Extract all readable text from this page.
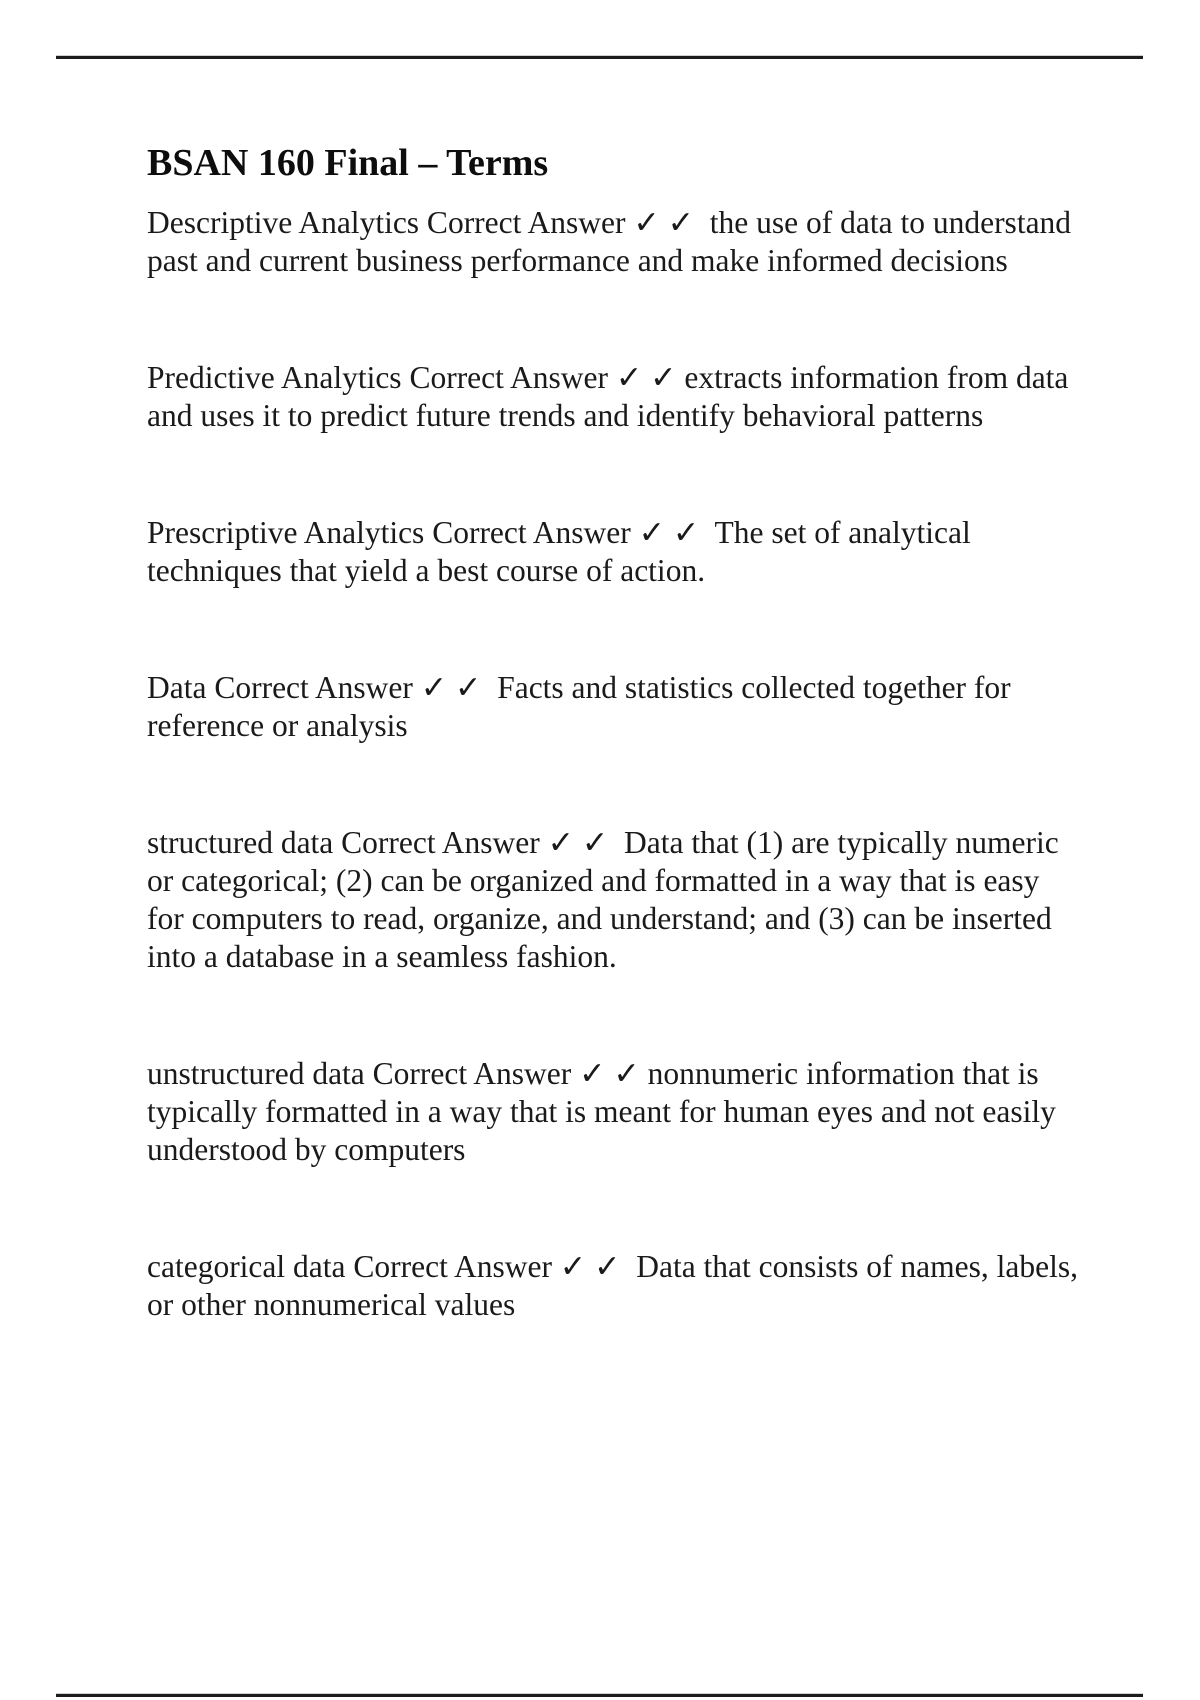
BSAN 160 Final – Terms

Descriptive Analytics Correct Answer ✓ ✓  the use of data to understand
past and current business performance and make informed decisions

Predictive Analytics Correct Answer ✓ ✓ extracts information from data
and uses it to predict future trends and identify behavioral patterns

Prescriptive Analytics Correct Answer ✓ ✓  The set of analytical
techniques that yield a best course of action.

Data Correct Answer ✓ ✓  Facts and statistics collected together for
reference or analysis

structured data Correct Answer ✓ ✓  Data that (1) are typically numeric
or categorical; (2) can be organized and formatted in a way that is easy
for computers to read, organize, and understand; and (3) can be inserted
into a database in a seamless fashion.

unstructured data Correct Answer ✓ ✓ nonnumeric information that is
typically formatted in a way that is meant for human eyes and not easily
understood by computers

categorical data Correct Answer ✓ ✓  Data that consists of names, labels,
or other nonnumerical values
